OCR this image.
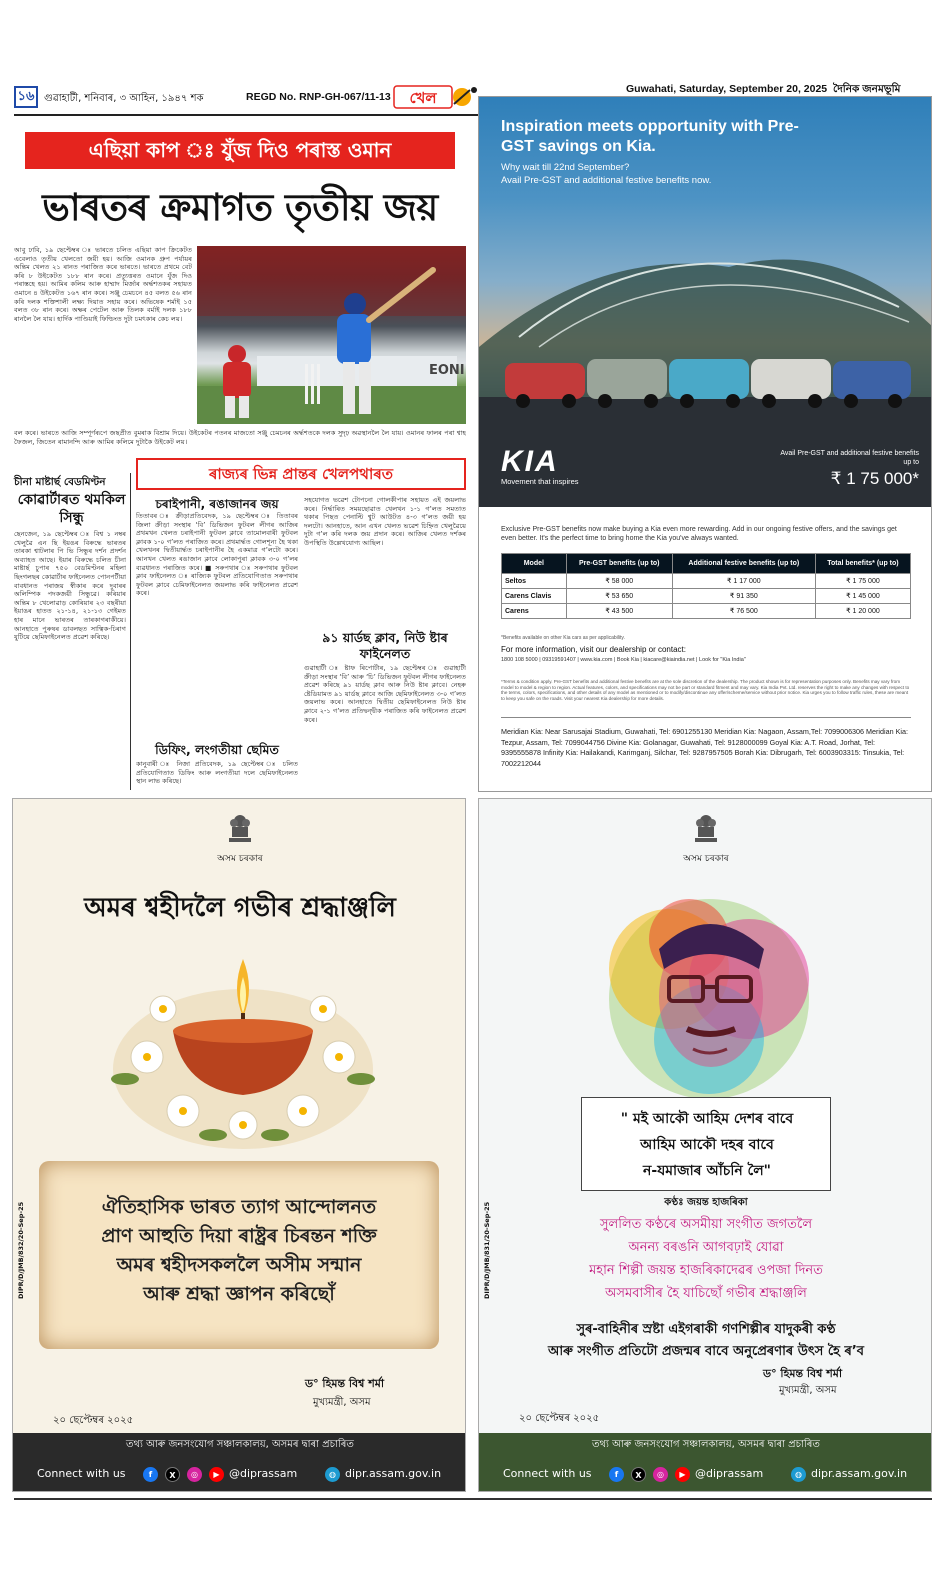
১৬ গুৱাহাটী, শনিবাৰ, ৩ আহিন, ১৯৪৭ শক	REGD No. RNP-GH-067/11-13 খেল	Guwahati, Saturday, September 20, 2025 দৈনিক জনমভূমি
এছিয়া কাপ ঃ যুঁজ দিও পৰাস্ত ওমান
ভাৰতৰ ক্ৰমাগত তৃতীয় জয়
আবু ঢাবি, ১৯ ছেপ্টেম্বৰ ঃ ভাৰতে চলিত এছিয়া কাপ ক্ৰিকেটত এবেলাও তৃতীয় খেলতো জয়ী হয়। আজি ওমানক গ্ৰুপ পৰ্যায়ৰ অন্তিম খেলত ২১ ৰানত পৰাজিত কৰে ভাৰতে। ভাৰতে প্ৰথমে বেট কৰি ৮ উইকেটত ১৮৮ ৰান কৰে। প্ৰত্যুত্তৰত ওমানে যুঁজ দিও পৰাস্তহে হয়। আমিৰ কলিম আৰু হাম্মাদ মিৰ্জাৰ অৰ্দ্ধশতকৰ সহায়ত ওমানে ৪ উইকেটত ১৬৭ ৰান কৰে। সঞ্জু চেমচনে ৪৫ বলত ৫৬ ৰান কৰি দলক শক্তিশালী লক্ষ্য দিয়াত সহায় কৰে। অভিষেক শৰ্মাই ১৫ বলত ৩৮ ৰান কৰে। অক্ষৰ পেটেল আৰু তিলক বৰ্মাই দলক ১৮৮ ৰানলৈ লৈ যায়। হাৰ্দিক পাণ্ডিয়াই ফিল্ডিংত দুটা চমৎকাৰ কেচ লয়।
EONI
বল কৰে। ভাৰতে আজি সম্পূৰ্ণৰূপে জছপ্ৰীত বুমৰাক বিশ্ৰাম দিয়ে। উইকেটৰ পতনৰ মাজতো সঞ্জু চেমচনৰ অৰ্দ্ধশতকে দলক সুদৃঢ় অৱস্থানলৈ লৈ যায়। ওমানৰ ফালৰ পৰা শ্বাহ ফৈজল, জিতেন ৰামানন্দি আৰু আমিৰ কলিমে দুটাকৈ উইকেট লয়।
চীনা মাষ্টাৰ্ছ বেডমিণ্টন
কোৱাৰ্টাৰত থমকিল সিন্ধু
ছেনজেন, ১৯ ছেপ্টেম্বৰ ঃ বিশ্ব ১ নম্বৰ খেলুৱৈ এন ছি ইয়ঙৰ বিৰুদ্ধে ভাৰতৰ তাৰকা শ্বাটলাৰ পি ভি সিন্ধুৰ দৰ্শন প্ৰদৰ্শন অব্যাহত আছে। ইয়াৰ বিৰুদ্ধে চলিত চীনা মাষ্টাৰ্ছ চুপাৰ ৭৫০ বেডমিণ্টনৰ মহিলা ছিংগলছৰ কোৱাৰ্টাৰ ফাইনেলত পোনপটীয়া বাবধানত পৰাজয় স্বীকাৰ কৰে দুবাৰৰ অলিম্পিক পদকজয়ী সিন্ধুৱে। কৰিয়াৰ অন্তিম ৮ খেলোৱাড় কোৰিয়াৰ ২৩ বছৰীয়া ইয়াঙৰ হাতত ২১-১৪, ২১-১৩ গেইমত হাৰ মানে ভাৰতৰ তাৰকাগৰাকীয়ে। আনহাতে পুৰুষৰ ডাবলছত সাত্বিক-চিৰাগ যুটিয়ে ছেমিফাইনেলত প্ৰৱেশ কৰিছে।
ৰাজ্যৰ ভিন্ন প্ৰান্তৰ খেলপথাৰত
চৰাইপানী, ৰঙাজানৰ জয়
তিতাবৰ ঃ ক্ৰীড়াপ্ৰতিবেদক, ১৯ ছেপ্টেম্বৰ ঃ তিতাবৰ জিলা ক্ৰীড়া সংস্থাৰ ‘বি’ ডিভিজন ফুটবল লীগৰ আজিৰ প্ৰথমখন খেলত চৰাইপানী ফুটবল ক্লাবে তামোলবাৰী ফুটবল ক্লাবক ১-০ গ’লত পৰাজিত কৰে। প্ৰথমাৰ্দ্ধত গোলশূন্য হৈ থকা খেলখনৰ দ্বিতীয়াৰ্দ্ধত চৰাইপানীৰ হৈ একমাত্ৰ গ’লটো কৰে। আনখন খেলত ৰঙাজান ক্লাবে লোকাপুৰা ক্লাবক ৩-০ গ’লৰ ব্যৱধানত পৰাজিত কৰে। ■ সৰুপথাৰ ঃ সৰুপথাৰ ফুটবল ক্লাব ফাইনেলত ঃ ৰাজ্যিক ফুটবল প্ৰতিযোগিতাত সৰুপথাৰ ফুটবল ক্লাবে চেমিফাইনেলত জয়লাভ কৰি ফাইনেলত প্ৰৱেশ কৰে।
ডিফিং, লংগতীয়া ছেমিত
কানুবাৰী ঃ নিজা প্ৰতিবেদক, ১৯ ছেপ্টেম্বৰ ঃ চলিত প্ৰতিযোগিতাত ডিফিং আৰু লংগতীয়া দলে ছেমিফাইনেলত স্থান লাভ কৰিছে।
সহযোগত ভৱেশ টোপনো গোলকীপাৰ সহায়ত এই জয়লাভ কৰে। নিৰ্দ্ধাৰিত সময়ছোৱাত খেলখন ১-১ গ’লত সমতাত থকাৰ পিছত পেনাল্টি শ্বুট আউটত ৪-৩ গ’লত জয়ী হয় দলটো। আনহাতে, আন এখন খেলত ভৱেশ চিহ্নিত খেলুৱৈয়ে দুটা গ’ল কৰি দলক জয় প্ৰদান কৰে। আজিৰ খেলত দৰ্শকৰ উপস্থিতি উল্লেখযোগ্য আছিল।
৯১ য়াৰ্ডছ ক্লাব, নিউ ষ্টাৰ ফাইনেলত
গুৱাহাটী ঃ ষ্টাফ ৰিপোৰ্টাৰ, ১৯ ছেপ্টেম্বৰ ঃ গুৱাহাটী ক্ৰীড়া সংস্থাৰ ‘বি’ আৰু ‘চি’ ডিভিজন ফুটবল লীগৰ ফাইনেলত প্ৰৱেশ কৰিছে ৯১ য়াৰ্ডছ ক্লাব আৰু নিউ ষ্টাৰ ক্লাবে। নেহৰু ষ্টেডিয়ামত ৯১ য়াৰ্ডছ ক্লাবে আজি ছেমিফাইনেলত ৩-০ গ’লত জয়লাভ কৰে। আনহাতে দ্বিতীয় ছেমিফাইনেলত নিউ ষ্টাৰ ক্লাবে ২-১ গ’লত প্ৰতিদ্বন্দ্বীক পৰাজিত কৰি ফাইনেলত প্ৰৱেশ কৰে।
Inspiration meets opportunity with Pre-GST savings on Kia.
Why wait till 22nd September?
Avail Pre-GST and additional festive benefits now.
KIA
Movement that inspires
Avail Pre-GST and additional festive benefits up to
₹ 1 75 000*
Exclusive Pre-GST benefits now make buying a Kia even more rewarding. Add in our ongoing festive offers, and the savings get even better. It's the perfect time to bring home the Kia you've always wanted.
Model	Pre-GST benefits (up to)	Additional festive benefits (up to)	Total benefits* (up to)
Seltos	₹ 58 000	₹ 1 17 000	₹ 1 75 000
Carens Clavis	₹ 53 650	₹ 91 350	₹ 1 45 000
Carens	₹ 43 500	₹ 76 500	₹ 1 20 000
*Benefits available on other Kia cars as per applicability.
For more information, visit our dealership or contact:
1800 108 5000 | 09319591407 | www.kia.com | Book Kia | kiacare@kiaindia.net | Look for "Kia India"
*Terms & condition apply. Pre-GST benefits and additional festive benefits are at the sole discretion of the dealership. The product shown is for representation purposes only. Benefits may vary from model to model & region to region. Actual features, colors, and specifications may not be part or standard fitment and may vary. Kia India Pvt. Ltd. reserves the right to make any changes with respect to the terms, colors, specifications, and other details of any model as mentioned or to modify/discontinue any offer/scheme/service without prior notice. Kia urges you to follow traffic rules, these are meant to keep you safe on the roads. Visit your nearest Kia dealership for more details.
Meridian Kia: Near Sarusajai Stadium, Guwahati, Tel: 6901255130 Meridian Kia: Nagaon, Assam,Tel: 7099006306 Meridian Kia: Tezpur, Assam, Tel: 7099044756 Divine Kia: Golanagar, Guwahati, Tel: 9128000099 Goyal Kia: A.T. Road, Jorhat, Tel: 9395555878 Infinity Kia: Hailakandi, Karimganj, Silchar, Tel: 9287957505 Borah Kia: Dibrugarh, Tel: 6003903315: Tinsukia, Tel: 7002212044
অসম চৰকাৰ
অমৰ শ্বহীদলৈ গভীৰ শ্ৰদ্ধাঞ্জলি
ঐতিহাসিক ভাৰত ত্যাগ আন্দোলনত
প্ৰাণ আহুতি দিয়া ৰাষ্ট্ৰৰ চিৰন্তন শক্তি
অমৰ শ্বহীদসকললৈ অসীম সন্মান
আৰু শ্ৰদ্ধা জ্ঞাপন কৰিছোঁ
ড° হিমন্ত বিশ্ব শৰ্মা
মুখ্যমন্ত্ৰী, অসম
২০ ছেপ্টেম্বৰ ২০২৫
DIPR/D/JMB/832/20-Sep-25
তথ্য আৰু জনসংযোগ সঞ্চালকালয়, অসমৰ দ্বাৰা প্ৰচাৰিত
Connect with us	f	X	◎	▶ @diprassam	◍ dipr.assam.gov.in
অসম চৰকাৰ
" মই আকৌ আহিম দেশৰ বাবে
আহিম আকৌ দহৰ বাবে
ন-যমাজাৰ আঁচনি লৈ"
কণ্ঠঃ জয়ন্ত হাজৰিকা
সুললিত কণ্ঠৰে অসমীয়া সংগীত জগতলৈ
অনন্য বৰঙনি আগবঢ়াই যোৱা
মহান শিল্পী জয়ন্ত হাজৰিকাদেৱৰ ওপজা দিনত
অসমবাসীৰ হৈ যাচিছোঁ গভীৰ শ্ৰদ্ধাঞ্জলি
সুৰ-বাহিনীৰ স্ৰষ্টা এইগৰাকী গণশিল্পীৰ যাদুকৰী কণ্ঠ
আৰু সংগীত প্ৰতিটো প্ৰজন্মৰ বাবে অনুপ্ৰেৰণাৰ উৎস হৈ ৰ’ব
ড° হিমন্ত বিশ্ব শৰ্মা
মুখ্যমন্ত্ৰী, অসম
২০ ছেপ্টেম্বৰ ২০২৫
DIPR/D/JMB/831/20-Sep-25
তথ্য আৰু জনসংযোগ সঞ্চালকালয়, অসমৰ দ্বাৰা প্ৰচাৰিত
Connect with us	f	X	◎	▶ @diprassam	◍ dipr.assam.gov.in
